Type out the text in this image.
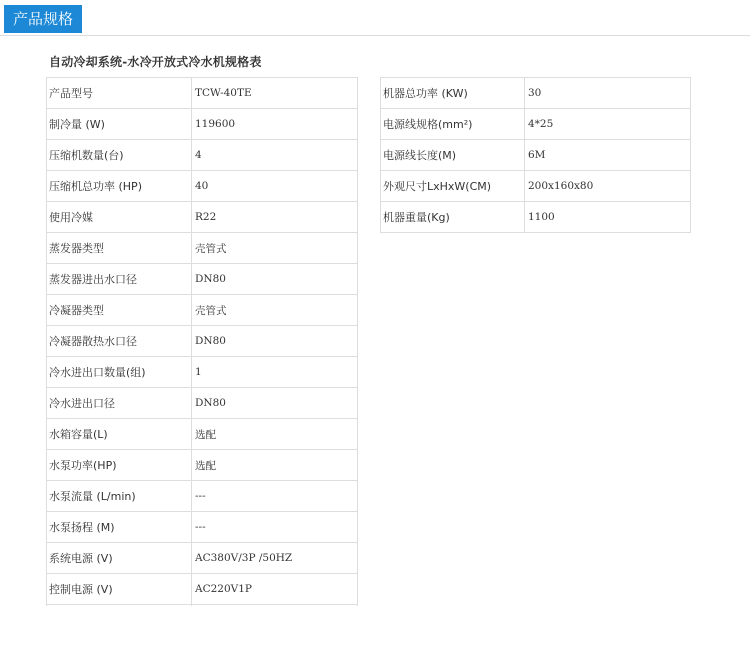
产品规格
自动冷却系统-水冷开放式冷水机规格表
产品型号	TCW-40TE
制冷量 (W)	119600
压缩机数量(台)	4
压缩机总功率 (HP)	40
使用冷媒	R22
蒸发器类型	壳管式
蒸发器进出水口径	DN80
冷凝器类型	壳管式
冷凝器散热水口径	DN80
冷水进出口数量(组)	1
冷水进出口径	DN80
水箱容量(L)	选配
水泵功率(HP)	选配
水泵流量 (L/min)	---
水泵扬程 (M)	---
系统电源 (V)	AC380V/3P /50HZ
控制电源 (V)	AC220V1P

机器总功率 (KW)	30
电源线规格(mm²)	4*25
电源线长度(M)	6M
外观尺寸LxHxW(CM)	200x160x80
机器重量(Kg)	1100
